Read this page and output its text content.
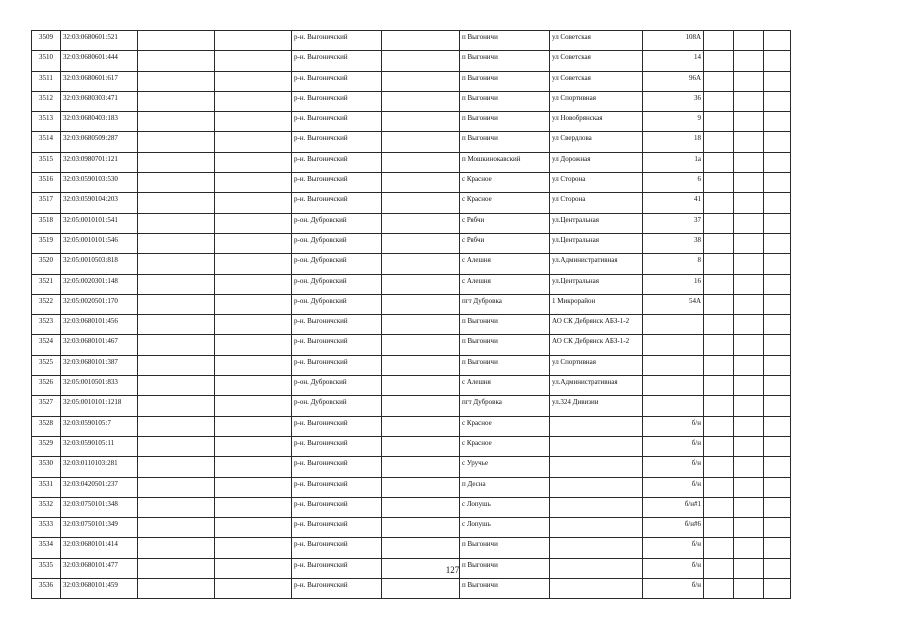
3509	32:03:0680601:521			р-н. Выгоничский		п Выгоничи	ул Советская	108А			
3510	32:03:0680601:444			р-н. Выгоничский		п Выгоничи	ул Советская	14			
3511	32:03:0680601:617			р-н. Выгоничский		п Выгоничи	ул Советская	96А			
3512	32:03:0680303:471			р-н. Выгоничский		п Выгоничи	ул Спортивная	36			
3513	32:03:0680403:183			р-н. Выгоничский		п Выгоничи	ул Новобрянская	9			
3514	32:03:0680509:287			р-н. Выгоничский		п Выгоничи	ул Свердлова	18			
3515	32:03:0980701:121			р-н. Выгоничский		п Мошкинокавский	ул Дорожная	1а			
3516	32:03:0590103:530			р-н. Выгоничский		с Красное	ул Сторона	6			
3517	32:03:0590104:203			р-н. Выгоничский		с Красное	ул Сторона	41			
3518	32:05:0010101:541			р-он. Дубровский		с Рябчи	ул.Центральная	37			
3519	32:05:0010101:546			р-он. Дубровский		с Рябчи	ул.Центральная	38			
3520	32:05:0010503:818			р-он. Дубровский		с Алешня	ул.Административная	8			
3521	32:05:0020301:148			р-он. Дубровский		с Алешня	ул.Центральная	16			
3522	32:05:0020501:170			р-он. Дубровский		пгт Дубровка	1 Микрорайон	54А			
3523	32:03:0680101:456			р-н. Выгоничский		п Выгоничи	АО СК Дебрянск АБЗ-1-2				
3524	32:03:0680101:467			р-н. Выгоничский		п Выгоничи	АО СК Дебрянск АБЗ-1-2				
3525	32:03:0680101:387			р-н. Выгоничский		п Выгоничи	ул Спортивная				
3526	32:05:0010501:833			р-он. Дубровский		с Алешня	ул.Административная				
3527	32:05:0010101:1218			р-он. Дубровский		пгт Дубровка	ул.324 Дивизии				
3528	32:03:0590105:7			р-н. Выгоничский		с Красное		б/н			
3529	32:03:0590105:11			р-н. Выгоничский		с Красное		б/н			
3530	32:03:0110103:281			р-н. Выгоничский		с Уручье		б/н			
3531	32:03:0420501:237			р-н. Выгоничский		п Десна		б/н			
3532	32:03:0750101:348			р-н. Выгоничский		с Лопушь		б/н#1			
3533	32:03:0750101:349			р-н. Выгоничский		с Лопушь		б/н#6			
3534	32:03:0680101:414			р-н. Выгоничский		п Выгоничи		б/н			
3535	32:03:0680101:477			р-н. Выгоничский		п Выгоничи		б/н			
3536	32:03:0680101:459			р-н. Выгоничский		п Выгоничи		б/н			
127
